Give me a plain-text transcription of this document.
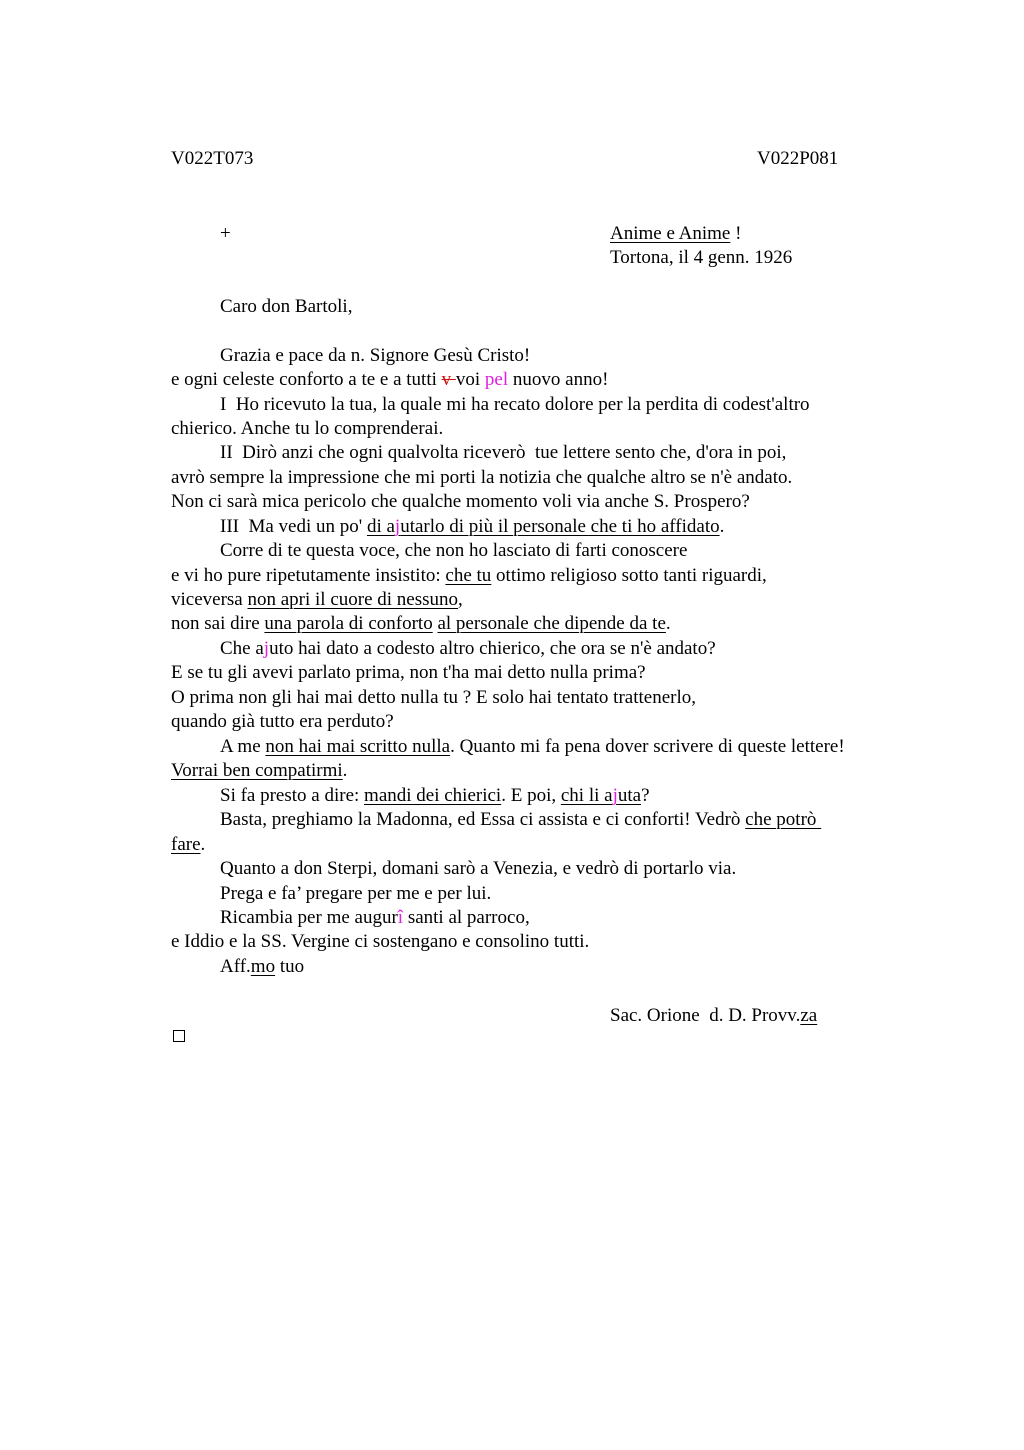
V022T073	V022P081
+	Anime e Anime !
Tortona, il 4 genn. 1926
Caro don Bartoli,
Grazia e pace da n. Signore Gesù Cristo!
e ogni celeste conforto a te e a tutti v voi pel nuovo anno!
I  Ho ricevuto la tua, la quale mi ha recato dolore per la perdita di codest'altro
chierico. Anche tu lo comprenderai.
II  Dirò anzi che ogni qualvolta riceverò  tue lettere sento che, d'ora in poi,
avrò sempre la impressione che mi porti la notizia che qualche altro se n'è andato.
Non ci sarà mica pericolo che qualche momento voli via anche S. Prospero?
III  Ma vedi un po' di ajutarlo di più il personale che ti ho affidato.
Corre di te questa voce, che non ho lasciato di farti conoscere
e vi ho pure ripetutamente insistito: che tu ottimo religioso sotto tanti riguardi,
viceversa non apri il cuore di nessuno,
non sai dire una parola di conforto al personale che dipende da te.
Che ajuto hai dato a codesto altro chierico, che ora se n'è andato?
E se tu gli avevi parlato prima, non t'ha mai detto nulla prima?
O prima non gli hai mai detto nulla tu ? E solo hai tentato trattenerlo,
quando già tutto era perduto?
A me non hai mai scritto nulla. Quanto mi fa pena dover scrivere di queste lettere!
Vorrai ben compatirmi.
Si fa presto a dire: mandi dei chierici. E poi, chi li ajuta?
Basta, preghiamo la Madonna, ed Essa ci assista e ci conforti! Vedrò che potrò
fare.
Quanto a don Sterpi, domani sarò a Venezia, e vedrò di portarlo via.
Prega e fa’ pregare per me e per lui.
Ricambia per me augurî santi al parroco,
e Iddio e la SS. Vergine ci sostengano e consolino tutti.
Aff.mo tuo
Sac. Orione  d. D. Provv.za
